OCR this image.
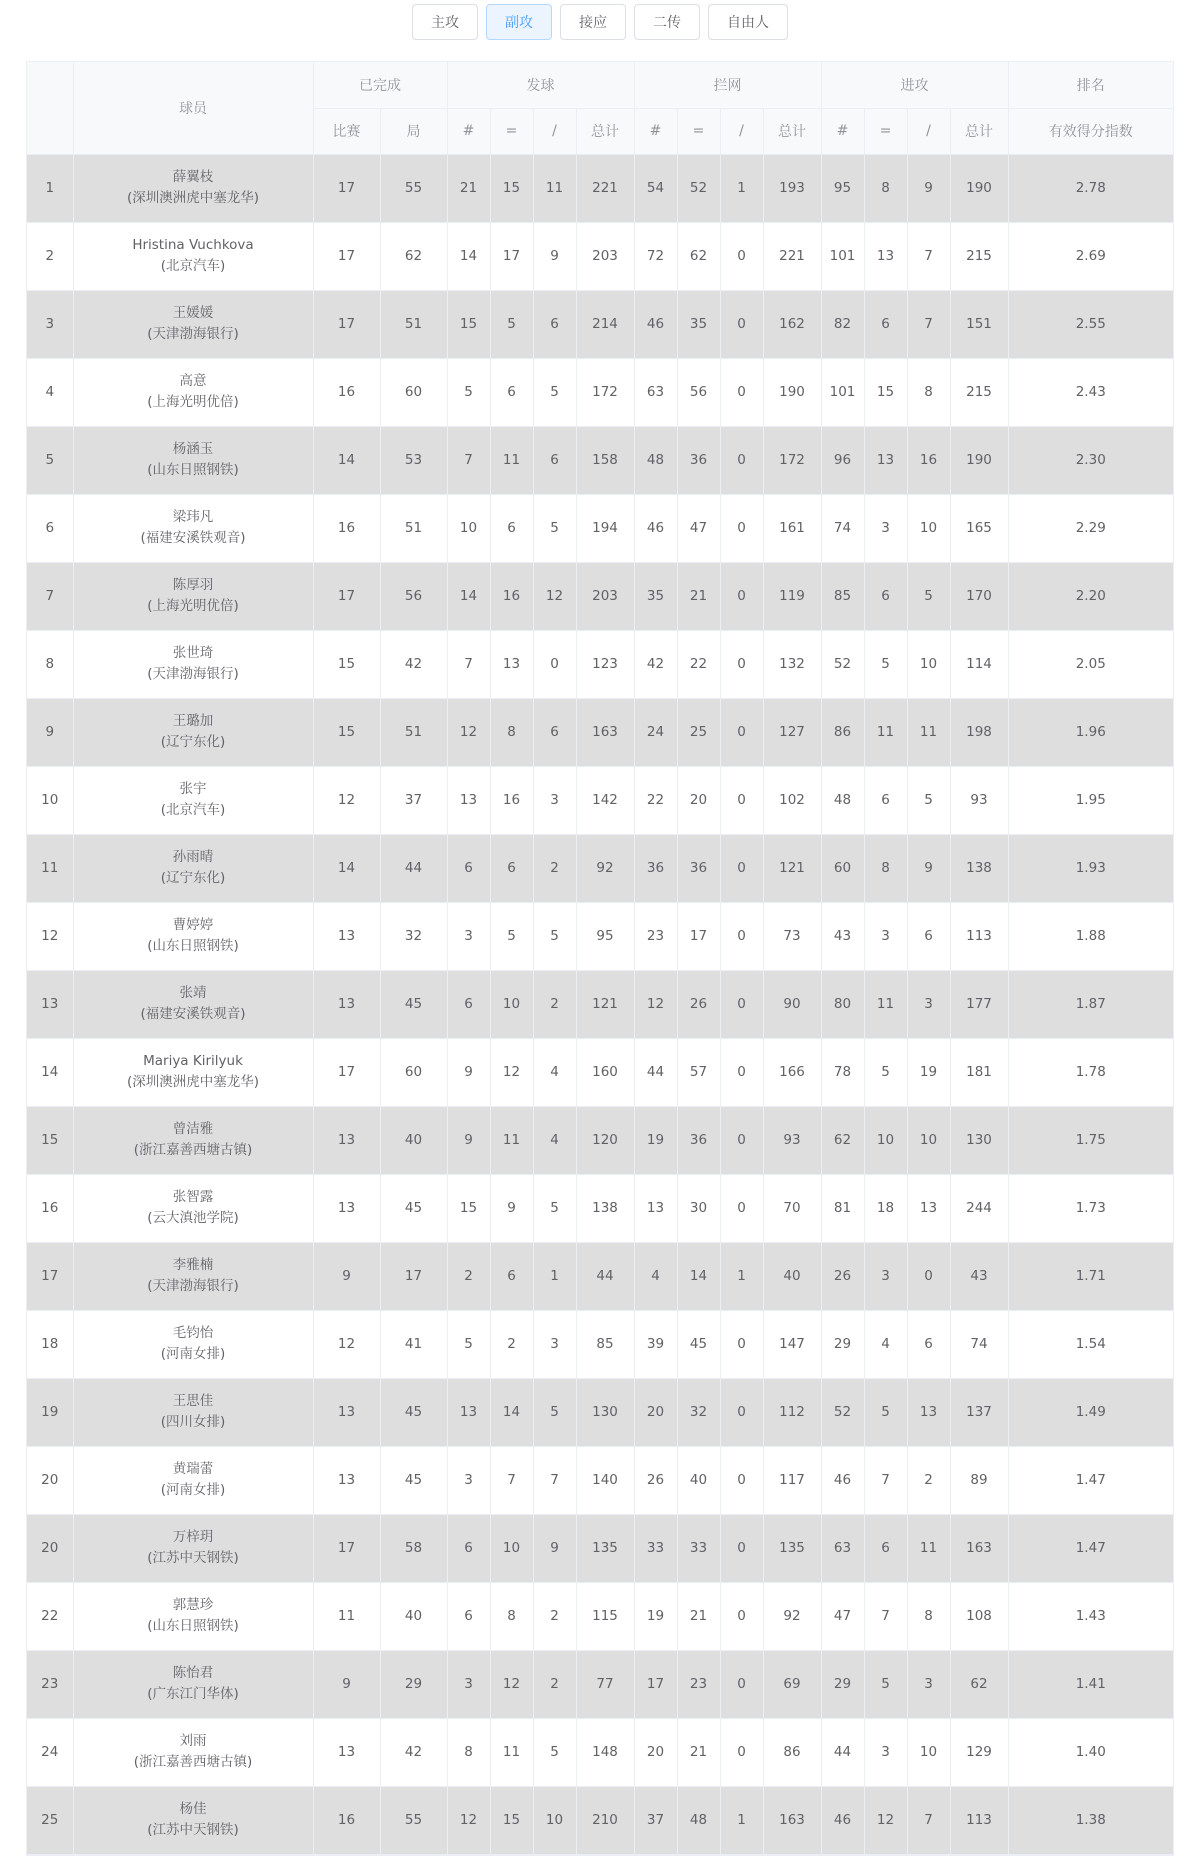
主攻	副攻	接应	二传	自由人
	球员	已完成		发球				拦网				进攻				排名
		比赛	局	#	=	/	总计	#	=	/	总计	#	=	/	总计	有效得分指数
1	薛翼枝
(深圳澳洲虎中塞龙华)	17	55	21	15	11	221	54	52	1	193	95	8	9	190	2.78
2	Hristina Vuchkova
(北京汽车)	17	62	14	17	9	203	72	62	0	221	101	13	7	215	2.69
3	王媛媛
(天津渤海银行)	17	51	15	5	6	214	46	35	0	162	82	6	7	151	2.55
4	高意
(上海光明优倍)	16	60	5	6	5	172	63	56	0	190	101	15	8	215	2.43
5	杨涵玉
(山东日照钢铁)	14	53	7	11	6	158	48	36	0	172	96	13	16	190	2.30
6	梁玮凡
(福建安溪铁观音)	16	51	10	6	5	194	46	47	0	161	74	3	10	165	2.29
7	陈厚羽
(上海光明优倍)	17	56	14	16	12	203	35	21	0	119	85	6	5	170	2.20
8	张世琦
(天津渤海银行)	15	42	7	13	0	123	42	22	0	132	52	5	10	114	2.05
9	王璐加
(辽宁东化)	15	51	12	8	6	163	24	25	0	127	86	11	11	198	1.96
10	张宇
(北京汽车)	12	37	13	16	3	142	22	20	0	102	48	6	5	93	1.95
11	孙雨晴
(辽宁东化)	14	44	6	6	2	92	36	36	0	121	60	8	9	138	1.93
12	曹婷婷
(山东日照钢铁)	13	32	3	5	5	95	23	17	0	73	43	3	6	113	1.88
13	张靖
(福建安溪铁观音)	13	45	6	10	2	121	12	26	0	90	80	11	3	177	1.87
14	Mariya Kirilyuk
(深圳澳洲虎中塞龙华)	17	60	9	12	4	160	44	57	0	166	78	5	19	181	1.78
15	曾洁雅
(浙江嘉善西塘古镇)	13	40	9	11	4	120	19	36	0	93	62	10	10	130	1.75
16	张智露
(云大滇池学院)	13	45	15	9	5	138	13	30	0	70	81	18	13	244	1.73
17	李雅楠
(天津渤海银行)	9	17	2	6	1	44	4	14	1	40	26	3	0	43	1.71
18	毛钧怡
(河南女排)	12	41	5	2	3	85	39	45	0	147	29	4	6	74	1.54
19	王思佳
(四川女排)	13	45	13	14	5	130	20	32	0	112	52	5	13	137	1.49
20	黄瑞蕾
(河南女排)	13	45	3	7	7	140	26	40	0	117	46	7	2	89	1.47
20	万梓玥
(江苏中天钢铁)	17	58	6	10	9	135	33	33	0	135	63	6	11	163	1.47
22	郭慧珍
(山东日照钢铁)	11	40	6	8	2	115	19	21	0	92	47	7	8	108	1.43
23	陈怡君
(广东江门华体)	9	29	3	12	2	77	17	23	0	69	29	5	3	62	1.41
24	刘雨
(浙江嘉善西塘古镇)	13	42	8	11	5	148	20	21	0	86	44	3	10	129	1.40
25	杨佳
(江苏中天钢铁)	16	55	12	15	10	210	37	48	1	163	46	12	7	113	1.38
